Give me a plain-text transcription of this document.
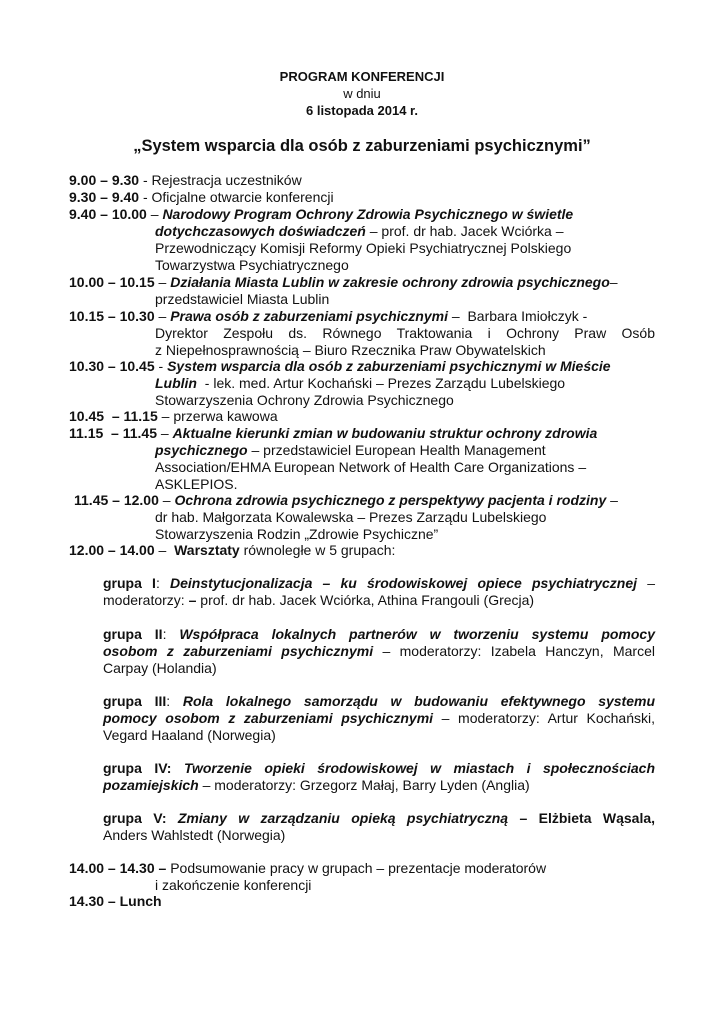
PROGRAM KONFERENCJI
w dniu
6 listopada 2014 r.
„System wsparcia dla osób z zaburzeniami psychicznymi”
9.00 – 9.30 - Rejestracja uczestników
9.30 – 9.40 - Oficjalne otwarcie konferencji
9.40 – 10.00 – Narodowy Program Ochrony Zdrowia Psychicznego w świetle
dotychczasowych doświadczeń – prof. dr hab. Jacek Wciórka –
Przewodniczący Komisji Reformy Opieki Psychiatrycznej Polskiego
Towarzystwa Psychiatrycznego
10.00 – 10.15 – Działania Miasta Lublin w zakresie ochrony zdrowia psychicznego–
przedstawiciel Miasta Lublin
10.15 – 10.30 – Prawa osób z zaburzeniami psychicznymi –  Barbara Imiołczyk -
Dyrektor Zespołu ds. Równego Traktowania i Ochrony Praw Osób
z Niepełnosprawnością – Biuro Rzecznika Praw Obywatelskich
10.30 – 10.45 - System wsparcia dla osób z zaburzeniami psychicznymi w Mieście
Lublin  - lek. med. Artur Kochański – Prezes Zarządu Lubelskiego
Stowarzyszenia Ochrony Zdrowia Psychicznego
10.45  – 11.15 – przerwa kawowa
11.15  – 11.45 – Aktualne kierunki zmian w budowaniu struktur ochrony zdrowia
psychicznego – przedstawiciel European Health Management
Association/EHMA European Network of Health Care Organizations –
ASKLEPIOS.
11.45 – 12.00 – Ochrona zdrowia psychicznego z perspektywy pacjenta i rodziny –
dr hab. Małgorzata Kowalewska – Prezes Zarządu Lubelskiego
Stowarzyszenia Rodzin „Zdrowie Psychiczne”
12.00 – 14.00 –  Warsztaty równoległe w 5 grupach:
grupa I: Deinstytucjonalizacja – ku środowiskowej opiece psychiatrycznej –
moderatorzy: – prof. dr hab. Jacek Wciórka, Athina Frangouli (Grecja)
grupa II: Współpraca lokalnych partnerów w tworzeniu systemu pomocy
osobom z zaburzeniami psychicznymi – moderatorzy: Izabela Hanczyn, Marcel
Carpay (Holandia)
grupa III: Rola lokalnego samorządu w budowaniu efektywnego systemu
pomocy osobom z zaburzeniami psychicznymi – moderatorzy: Artur Kochański,
Vegard Haaland (Norwegia)
grupa IV: Tworzenie opieki środowiskowej w miastach i społecznościach
pozamiejskich – moderatorzy: Grzegorz Małaj, Barry Lyden (Anglia)
grupa V: Zmiany w zarządzaniu opieką psychiatryczną – Elżbieta Wąsala,
Anders Wahlstedt (Norwegia)
14.00 – 14.30 – Podsumowanie pracy w grupach – prezentacje moderatorów
i zakończenie konferencji
14.30 – Lunch
